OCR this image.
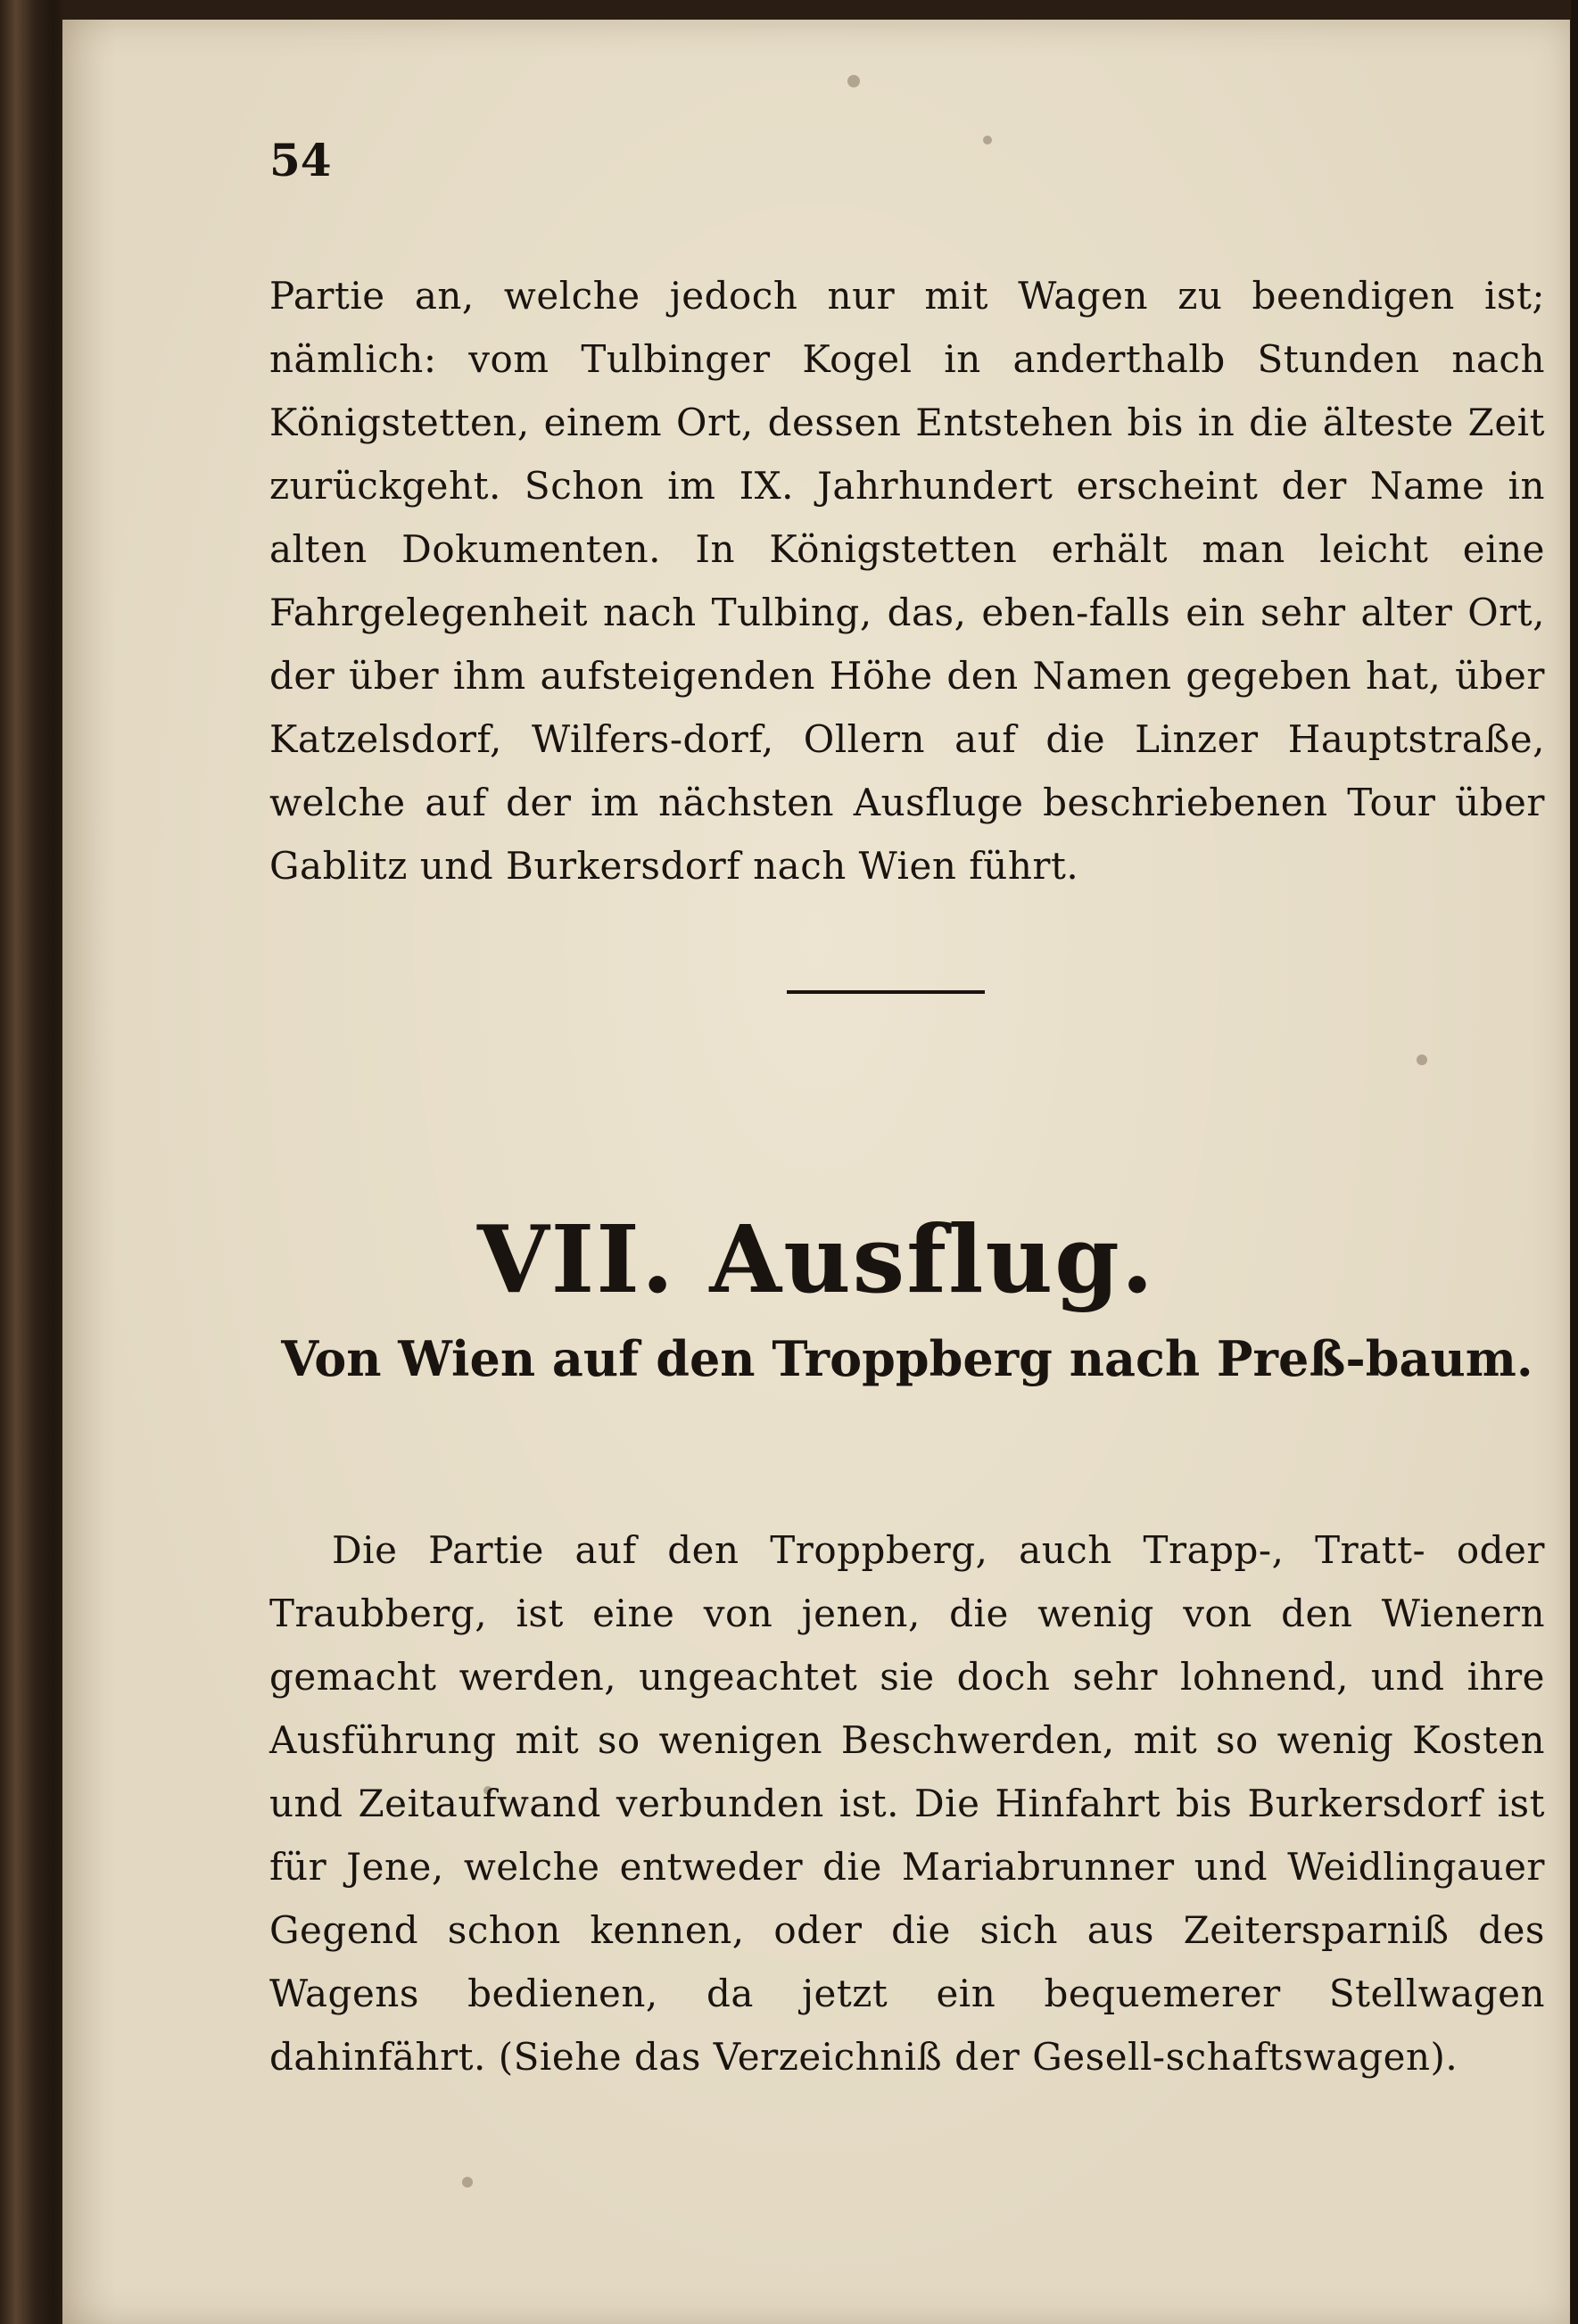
54

Partie an, welche jedoch nur mit Wagen zu beendigen ist; nämlich: vom Tulbinger Kogel in anderthalb Stunden nach Königstetten, einem Ort, dessen Entstehen bis in die älteste Zeit zurückgeht. Schon im IX. Jahrhundert erscheint der Name in alten Dokumenten. In Königstetten erhält man leicht eine Fahrgelegenheit nach Tulbing, das, eben-falls ein sehr alter Ort, der über ihm aufsteigenden Höhe den Namen gegeben hat, über Katzelsdorf, Wilfers-dorf, Ollern auf die Linzer Hauptstraße, welche auf der im nächsten Ausfluge beschriebenen Tour über Gablitz und Burkersdorf nach Wien führt.

VII. Ausflug.
Von Wien auf den Troppberg nach Preß-baum.

Die Partie auf den Troppberg, auch Trapp-, Tratt- oder Traubberg, ist eine von jenen, die wenig von den Wienern gemacht werden, ungeachtet sie doch sehr lohnend, und ihre Ausführung mit so wenigen Beschwerden, mit so wenig Kosten und Zeitaufwand verbunden ist. Die Hinfahrt bis Burkersdorf ist für Jene, welche entweder die Mariabrunner und Weidlingauer Gegend schon kennen, oder die sich aus Zeitersparniß des Wagens bedienen, da jetzt ein bequemerer Stellwagen dahinfährt. (Siehe das Verzeichniß der Gesell-schaftswagen).
